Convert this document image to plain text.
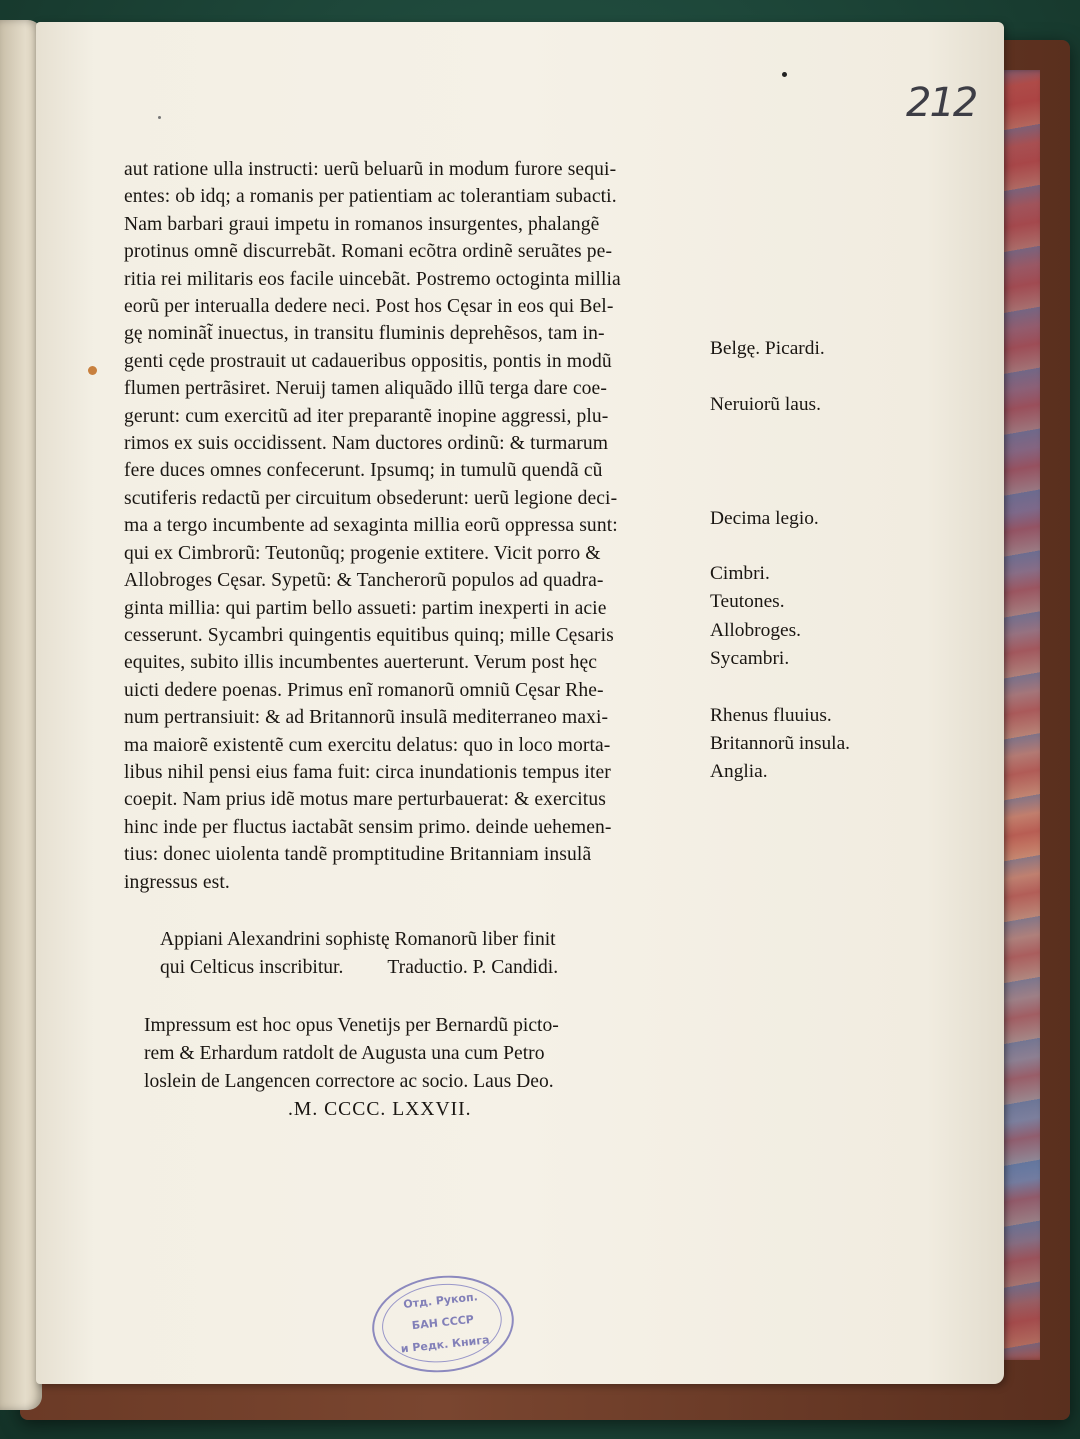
212
aut ratione ulla instructi: uerũ beluarũ in modum furore sequi-
entes: ob idq; a romanis per patientiam ac tolerantiam subacti.
Nam barbari graui impetu in romanos insurgentes, phalangẽ
protinus omnẽ discurrebãt. Romani ecõtra ordinẽ seruãtes pe-
ritia rei militaris eos facile uincebãt. Postremo octoginta millia
eorũ per interualla dedere neci. Post hos Cęsar in eos qui Bel-
gę nominãt̃ inuectus, in transitu fluminis deprehẽsos, tam in-
genti cęde prostrauit ut cadaueribus oppositis, pontis in modũ
flumen pertrãsiret. Neruij tamen aliquãdo illũ terga dare coe-
gerunt: cum exercitũ ad iter preparantẽ inopine aggressi, plu-
rimos ex suis occidissent. Nam ductores ordinũ: & turmarum
fere duces omnes confecerunt. Ipsumq; in tumulũ quendã cũ
scutiferis redactũ per circuitum obsederunt: uerũ legione deci-
ma a tergo incumbente ad sexaginta millia eorũ oppressa sunt:
qui ex Cimbrorũ: Teutonũq; progenie extitere. Vicit porro &
Allobroges Cęsar. Sypetũ: & Tancherorũ populos ad quadra-
ginta millia: qui partim bello assueti: partim inexperti in acie
cesserunt. Sycambri quingentis equitibus quinq; mille Cęsaris
equites, subito illis incumbentes auerterunt. Verum post hęc
uicti dedere poenas. Primus enĩ romanorũ omniũ Cęsar Rhe-
num pertransiuit: & ad Britannorũ insulã mediterraneo maxi-
ma maiorẽ existentẽ cum exercitu delatus: quo in loco morta-
libus nihil pensi eius fama fuit: circa inundationis tempus iter
coepit. Nam prius idẽ motus mare perturbauerat: & exercitus
hinc inde per fluctus iactabãt sensim primo. deinde uehemen-
tius: donec uiolenta tandẽ promptitudine Britanniam insulã
ingressus est.
Belgę. Picardi.
Neruiorũ laus.
Decima legio.
Cimbri.
Teutones.
Allobroges.
Sycambri.
Rhenus fluuius.
Britannorũ insula.
Anglia.
Appiani Alexandrini sophistę Romanorũ liber finit
qui Celticus inscribitur. Traductio. P. Candidi.
Impressum est hoc opus Venetijs per Bernardũ picto-
rem & Erhardum ratdolt de Augusta una cum Petro
loslein de Langencen correctore ac socio. Laus Deo.
.M. CCCC. LXXVII.
Отд. Рукоп.
БАН СССР
и Редк. Книга
